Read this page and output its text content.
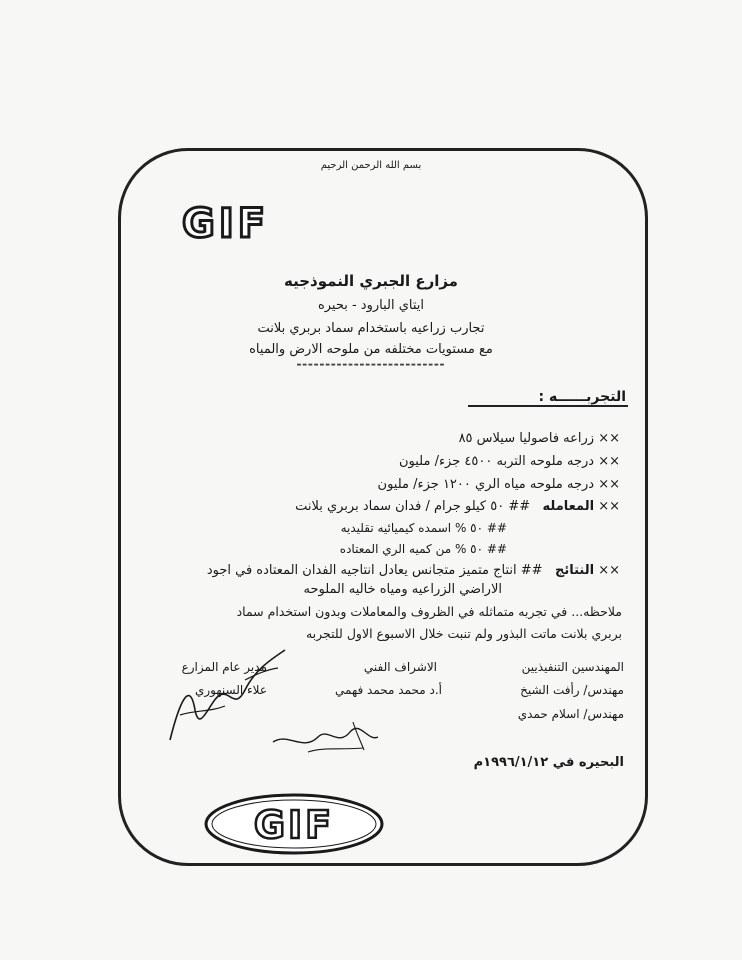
بسم الله الرحمن الرحيم
GIF
مزارع الجبري النموذجيه
ايتاي البارود - بحيره
تجارب زراعيه باستخدام سماد بربري بلانت
مع مستويات مختلفه من ملوحه الارض والمياه
▬▬▬▬▬▬▬▬▬▬▬▬▬▬▬▬▬▬▬▬▬▬▬▬▬▬
التجربــــــه :
×× زراعه فاصوليا سيلاس ٨٥
×× درجه ملوحه التربه ٤٥٠٠ جزء/ مليون
×× درجه ملوحه مياه الري ١٢٠٠ جزء/ مليون
×× المعامله   ## ٥٠ كيلو جرام / فدان سماد بربري بلانت
## ٥٠ % اسمده كيميائيه تقليديه
## ٥٠ % من كميه الري المعتاده
×× النتائج   ## انتاج متميز متجانس يعادل انتاجيه الفدان المعتاده في اجود
الاراضي الزراعيه ومياه خاليه الملوحه
ملاحظه... في تجربه متماثله في الظروف والمعاملات وبدون استخدام سماد
بربري بلانت ماتت البذور ولم تنبت خلال الاسبوع الاول للتجربه
المهندسين التنفيذيين
مهندس/ رأفت الشيخ
مهندس/ اسلام حمدي
الاشراف الفني
أ.د محمد محمد فهمي
مدير عام المزارع
علاء السنهوري
البحيره في ١٩٩٦/١/١٢م
GIF
